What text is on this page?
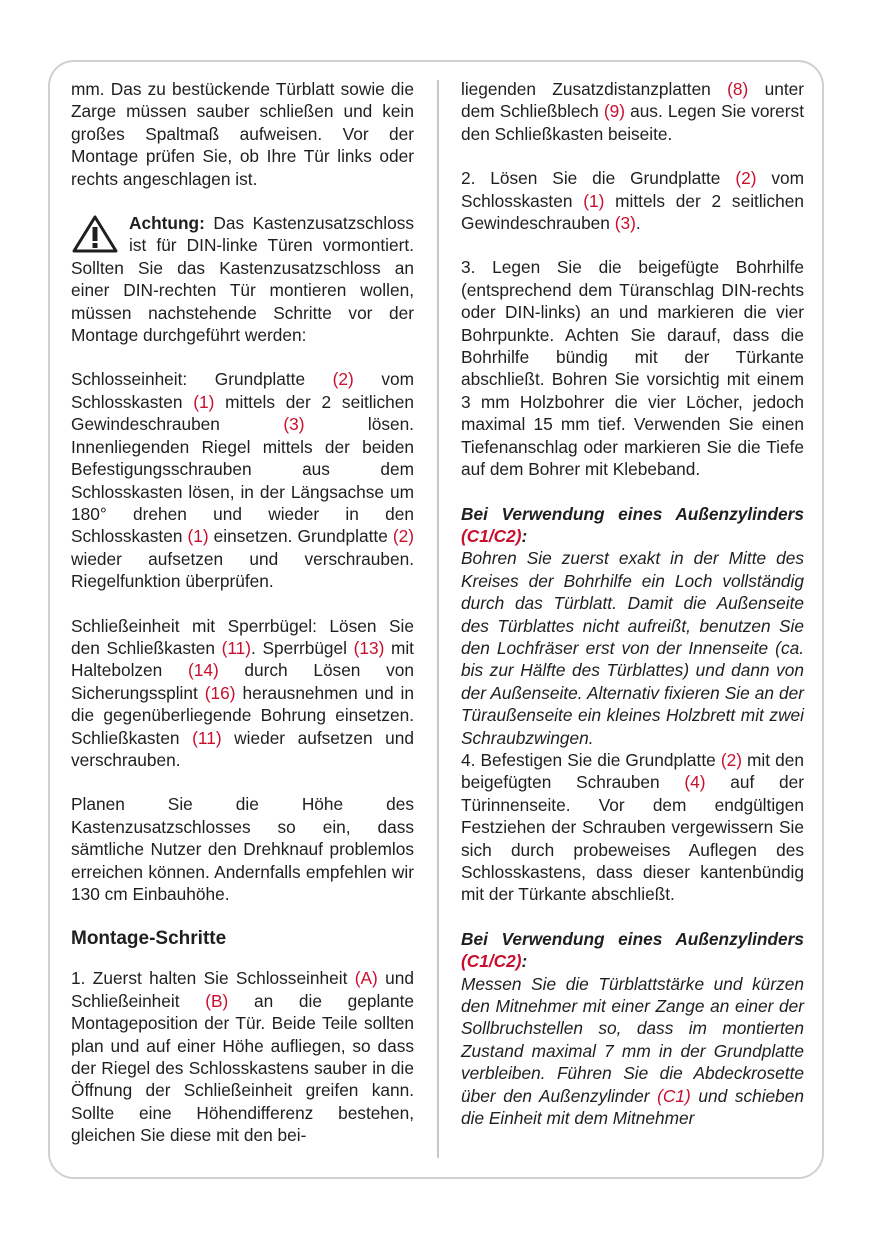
mm. Das zu bestückende Türblatt sowie die Zarge müssen sauber schließen und kein großes Spaltmaß aufweisen. Vor der Montage prüfen Sie, ob Ihre Tür links oder rechts angeschlagen ist.

Achtung: Das Kastenzusatzschloss ist für DIN-linke Türen vormontiert. Sollten Sie das Kastenzusatzschloss an einer DIN-rechten Tür montieren wollen, müssen nachstehende Schritte vor der Montage durchgeführt werden:

Schlosseinheit: Grundplatte (2) vom Schlosskasten (1) mittels der 2 seitlichen Gewindeschrauben (3) lösen. Innenliegenden Riegel mittels der beiden Befestigungsschrauben aus dem Schlosskasten lösen, in der Längsachse um 180° drehen und wieder in den Schlosskasten (1) einsetzen. Grundplatte (2) wieder aufsetzen und verschrauben. Riegelfunktion überprüfen.

Schließeinheit mit Sperrbügel: Lösen Sie den Schließkasten (11). Sperrbügel (13) mit Haltebolzen (14) durch Lösen von Sicherungssplint (16) herausnehmen und in die gegenüberliegende Bohrung einsetzen. Schließkasten (11) wieder aufsetzen und verschrauben.

Planen Sie die Höhe des Kastenzusatzschlosses so ein, dass sämtliche Nutzer den Drehknauf problemlos erreichen können. Andernfalls empfehlen wir 130 cm Einbauhöhe.

Montage-Schritte

1. Zuerst halten Sie Schlosseinheit (A) und Schließeinheit (B) an die geplante Montageposition der Tür. Beide Teile sollten plan und auf einer Höhe aufliegen, so dass der Riegel des Schlosskastens sauber in die Öffnung der Schließeinheit greifen kann. Sollte eine Höhendifferenz bestehen, gleichen Sie diese mit den bei-

liegenden Zusatzdistanzplatten (8) unter dem Schließblech (9) aus. Legen Sie vorerst den Schließkasten beiseite.

2. Lösen Sie die Grundplatte (2) vom Schlosskasten (1) mittels der 2 seitlichen Gewindeschrauben (3).

3. Legen Sie die beigefügte Bohrhilfe (entsprechend dem Türanschlag DIN-rechts oder DIN-links) an und markieren die vier Bohrpunkte. Achten Sie darauf, dass die Bohrhilfe bündig mit der Türkante abschließt. Bohren Sie vorsichtig mit einem 3 mm Holzbohrer die vier Löcher, jedoch maximal 15 mm tief. Verwenden Sie einen Tiefenanschlag oder markieren Sie die Tiefe auf dem Bohrer mit Klebeband.

Bei Verwendung eines Außenzylinders (C1/C2):

Bohren Sie zuerst exakt in der Mitte des Kreises der Bohrhilfe ein Loch vollständig durch das Türblatt. Damit die Außenseite des Türblattes nicht aufreißt, benutzen Sie den Lochfräser erst von der Innenseite (ca. bis zur Hälfte des Türblattes) und dann von der Außenseite. Alternativ fixieren Sie an der Türaußenseite ein kleines Holzbrett mit zwei Schraubzwingen.

4. Befestigen Sie die Grundplatte (2) mit den beigefügten Schrauben (4) auf der Türinnenseite. Vor dem endgültigen Festziehen der Schrauben vergewissern Sie sich durch probeweises Auflegen des Schlosskastens, dass dieser kantenbündig mit der Türkante abschließt.

Bei Verwendung eines Außenzylinders (C1/C2):

Messen Sie die Türblattstärke und kürzen den Mitnehmer mit einer Zange an einer der Sollbruchstellen so, dass im montierten Zustand maximal 7 mm in der Grundplatte verbleiben. Führen Sie die Abdeckrosette über den Außenzylinder (C1) und schieben die Einheit mit dem Mitnehmer
